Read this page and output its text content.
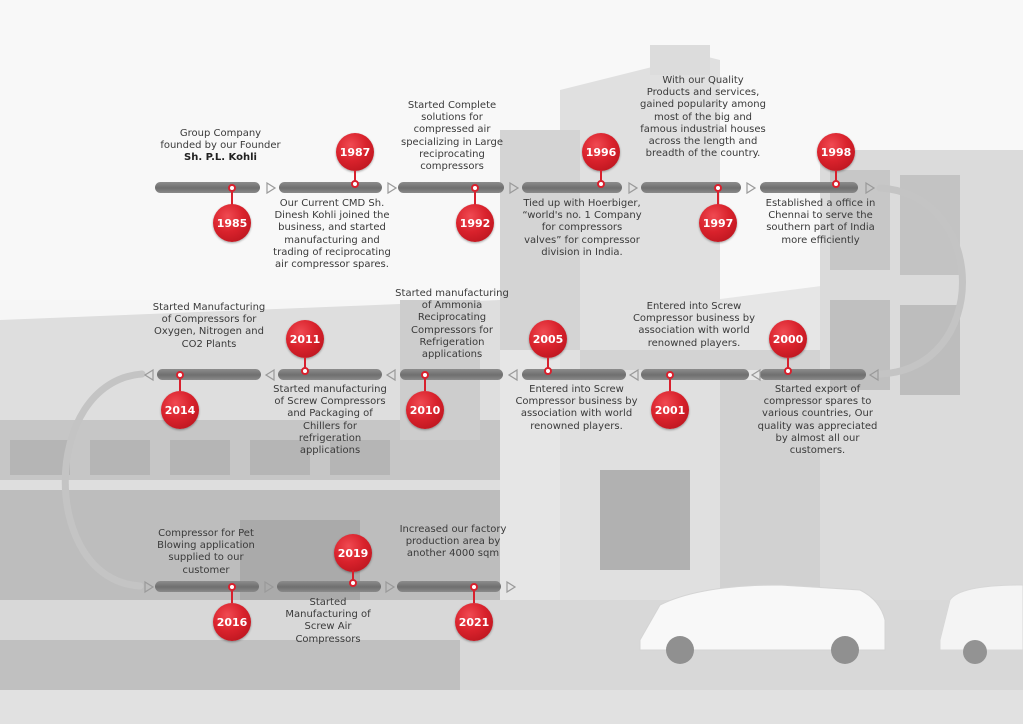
1985
Group Company founded by our Founder
Sh. P.L. Kohli	1987
Our Current CMD Sh. Dinesh Kohli joined the business, and started manufacturing and trading of reciprocating air compressor spares.
1992
Started Complete solutions for compressed air specializing in Large reciprocating compressors
1996
Tied up with Hoerbiger, “world's no. 1 Company for compressors valves” for compressor division in India.
1997
With our Quality Products and services, gained popularity among most of the big and famous industrial houses across the length and breadth of the country.	1998
Established a office in Chennai to serve the southern part of India more efficiently
2000
Started export of compressor spares to various countries, Our quality was appreciated by almost all our customers.
2001
Entered into Screw Compressor business by association with world renowned players.
2005
Entered into Screw Compressor business by association with world renowned players.
2010
Started manufacturing of Ammonia Reciprocating Compressors for Refrigeration applications
2011
Started manufacturing of Screw Compressors and Packaging of Chillers for refrigeration applications
2014
Started Manufacturing of Compressors for Oxygen, Nitrogen and CO2 Plants
2016
Compressor for Pet Blowing application supplied to our customer
2019
Started Manufacturing of Screw Air Compressors
2021
Increased our factory production area by another 4000 sqm
